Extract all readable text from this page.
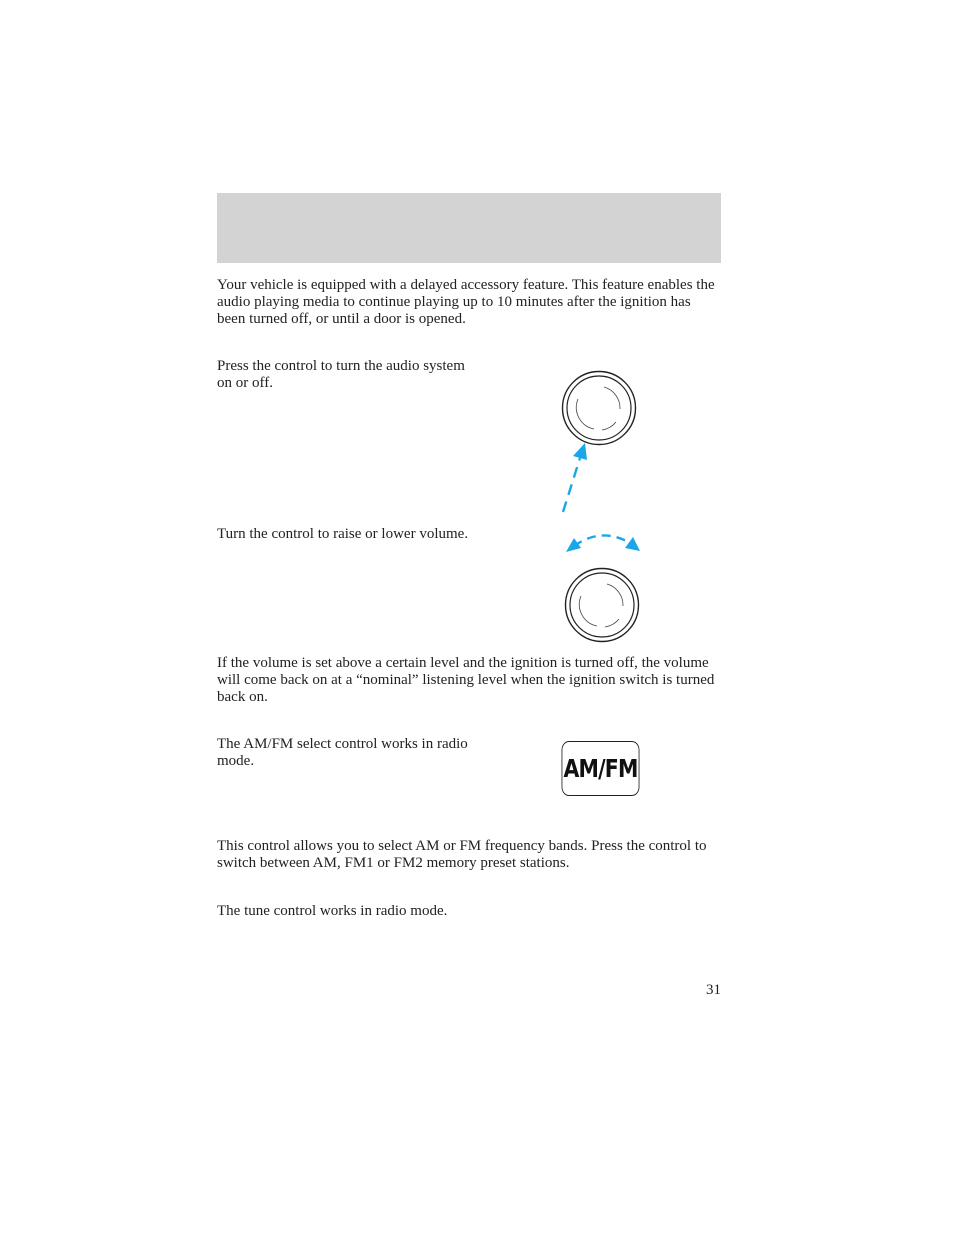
Your vehicle is equipped with a delayed accessory feature. This feature enables the audio playing media to continue playing up to 10 minutes after the ignition has been turned off, or until a door is opened.

Press the control to turn the audio system on or off.

Turn the control to raise or lower volume.

If the volume is set above a certain level and the ignition is turned off, the volume will come back on at a “nominal” listening level when the ignition switch is turned back on.

The AM/FM select control works in radio mode.	AM/FM

This control allows you to select AM or FM frequency bands. Press the control to switch between AM, FM1 or FM2 memory preset stations.

The tune control works in radio mode.

31
